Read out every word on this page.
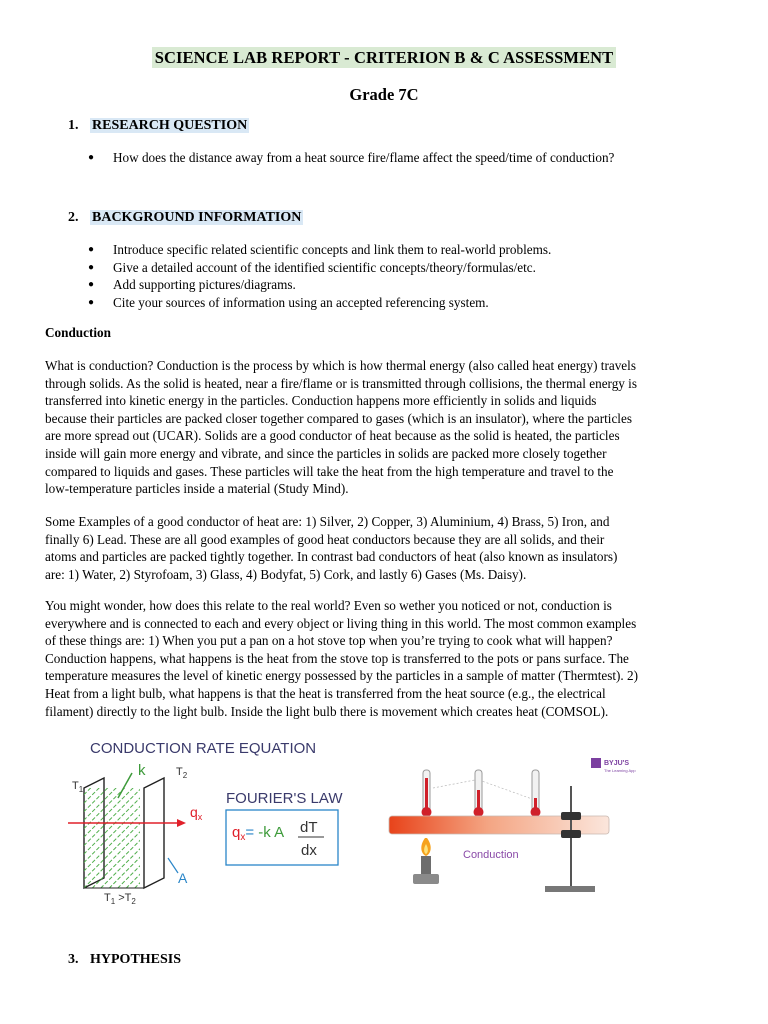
SCIENCE LAB REPORT - CRITERION B & C ASSESSMENT
Grade 7C
1. RESEARCH QUESTION
● How does the distance away from a heat source fire/flame affect the speed/time of conduction?
2. BACKGROUND INFORMATION
● Introduce specific related scientific concepts and link them to real-world problems.
● Give a detailed account of the identified scientific concepts/theory/formulas/etc.
● Add supporting pictures/diagrams.
● Cite your sources of information using an accepted referencing system.
Conduction
What is conduction? Conduction is the process by which is how thermal energy (also called heat energy) travels
through solids. As the solid is heated, near a fire/flame or is transmitted through collisions, the thermal energy is
transferred into kinetic energy in the particles. Conduction happens more efficiently in solids and liquids
because their particles are packed closer together compared to gases (which is an insulator), where the particles
are more spread out (UCAR). Solids are a good conductor of heat because as the solid is heated, the particles
inside will gain more energy and vibrate, and since the particles in solids are packed more closely together
compared to liquids and gases. These particles will take the heat from the high temperature and travel to the
low-temperature particles inside a material (Study Mind).
Some Examples of a good conductor of heat are: 1) Silver, 2) Copper, 3) Aluminium, 4) Brass, 5) Iron, and
finally 6) Lead. These are all good examples of good heat conductors because they are all solids, and their
atoms and particles are packed tightly together. In contrast bad conductors of heat (also known as insulators)
are: 1) Water, 2) Styrofoam, 3) Glass, 4) Bodyfat, 5) Cork, and lastly 6) Gases (Ms. Daisy).
You might wonder, how does this relate to the real world? Even so wether you noticed or not, conduction is
everywhere and is connected to each and every object or living thing in this world. The most common examples
of these things are: 1) When you put a pan on a hot stove top when you’re trying to cook what will happen?
Conduction happens, what happens is the heat from the stove top is transferred to the pots or pans surface. The
temperature measures the level of kinetic energy possessed by the particles in a sample of matter (Thermtest). 2)
Heat from a light bulb, what happens is that the heat is transferred from the heat source (e.g., the electrical
filament) directly to the light bulb. Inside the light bulb there is movement which creates heat (COMSOL).
CONDUCTION RATE EQUATION
k
$T_1$
$T_2$
$q_x$
A
$T_1 >T_2$
FOURIER'S LAW
$q_x= -k$ A dT
dx
BYJU'S
The Learning App
Conduction
3. HYPOTHESIS
